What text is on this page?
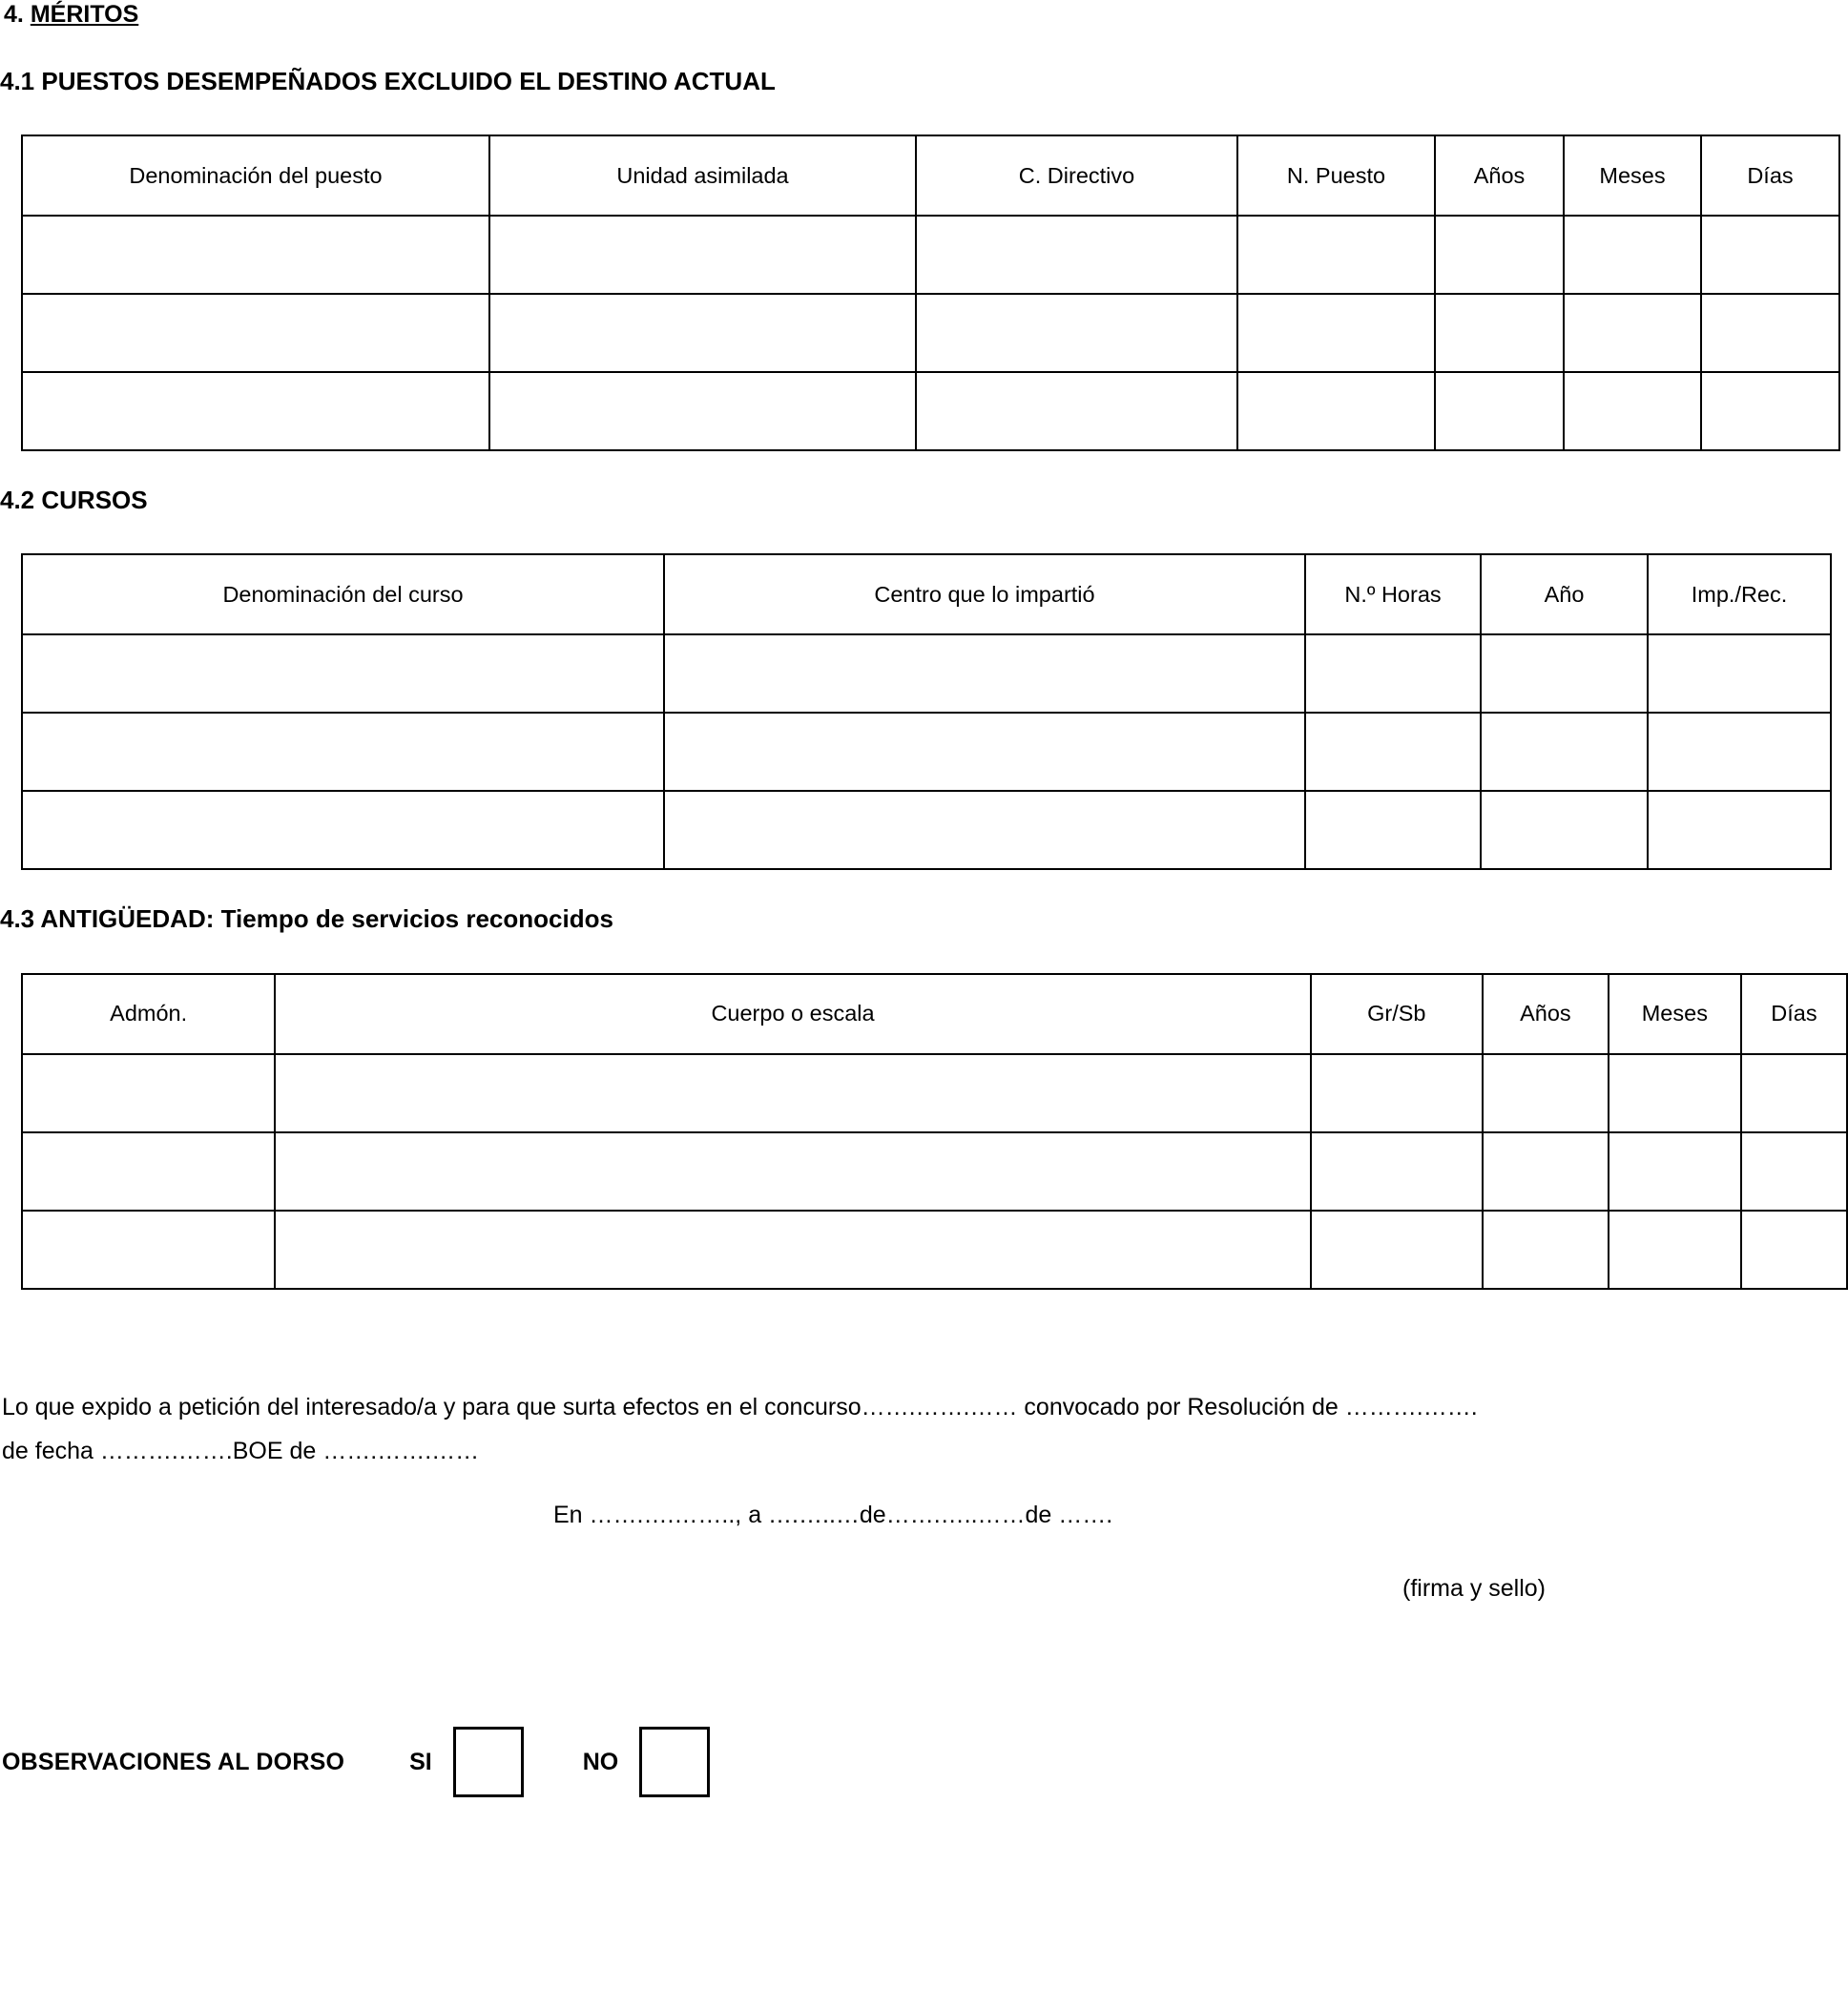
4. MÉRITOS
4.1 PUESTOS DESEMPEÑADOS EXCLUIDO EL DESTINO ACTUAL
Denominación del puesto	Unidad asimilada	C. Directivo	N. Puesto	Años	Meses	Días

4.2 CURSOS
Denominación del curso	Centro que lo impartió	N.º Horas	Año	Imp./Rec.

4.3 ANTIGÜEDAD: Tiempo de servicios reconocidos
Admón.	Cuerpo o escala	Gr/Sb	Años	Meses	Días

Lo que expido a petición del interesado/a y para que surta efectos en el concurso…….…….…… convocado por Resolución de ……….…….

de fecha ……….…….BOE de …….…….……

En …….….…….., a ….…..…de…….…..……de …….

(firma y sello)

OBSERVACIONES AL DORSO	SI	NO
